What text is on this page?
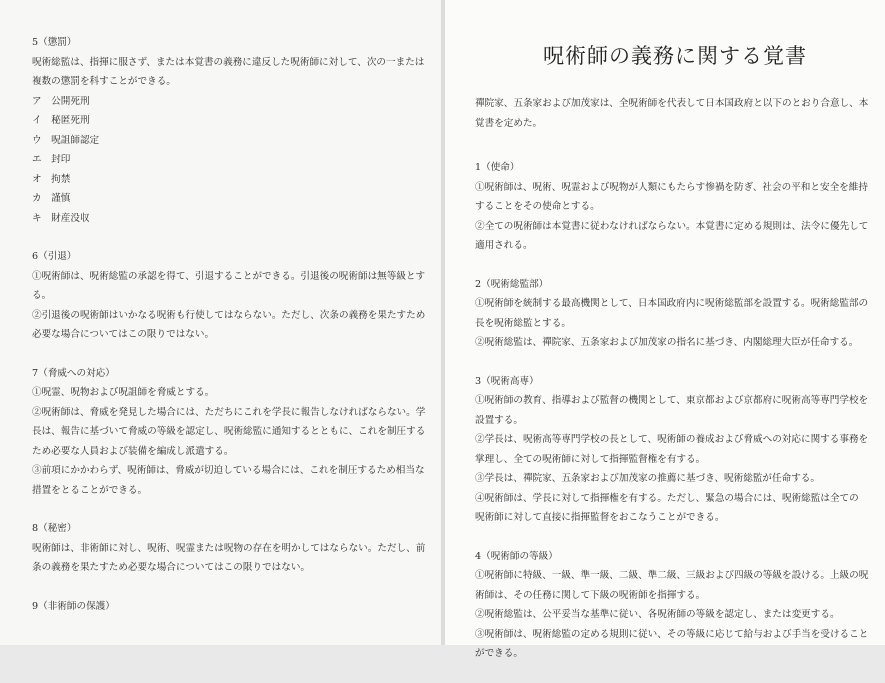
5（懲罰）
呪術総監は、指揮に服さず、または本覚書の義務に違反した呪術師に対して、次の一または
複数の懲罰を科すことができる。
ア　公開死刑
イ　秘匿死刑
ウ　呪詛師認定
エ　封印
オ　拘禁
カ　謹慎
キ　財産没収
6（引退）
①呪術師は、呪術総監の承認を得て、引退することができる。引退後の呪術師は無等級とす
る。
②引退後の呪術師はいかなる呪術も行使してはならない。ただし、次条の義務を果たすため
必要な場合についてはこの限りではない。
7（脅威への対応）
①呪霊、呪物および呪詛師を脅威とする。
②呪術師は、脅威を発見した場合には、ただちにこれを学長に報告しなければならない。学
長は、報告に基づいて脅威の等級を認定し、呪術総監に通知するとともに、これを制圧する
ため必要な人員および装備を編成し派遣する。
③前項にかかわらず、呪術師は、脅威が切迫している場合には、これを制圧するため相当な
措置をとることができる。
8（秘密）
呪術師は、非術師に対し、呪術、呪霊または呪物の存在を明かしてはならない。ただし、前
条の義務を果たすため必要な場合についてはこの限りではない。
9（非術師の保護）
呪術師の義務に関する覚書
禪院家、五条家および加茂家は、全呪術師を代表して日本国政府と以下のとおり合意し、本
覚書を定めた。
1（使命）
①呪術師は、呪術、呪霊および呪物が人類にもたらす惨禍を防ぎ、社会の平和と安全を維持
することをその使命とする。
②全ての呪術師は本覚書に従わなければならない。本覚書に定める規則は、法令に優先して
適用される。
2（呪術総監部）
①呪術師を統制する最高機関として、日本国政府内に呪術総監部を設置する。呪術総監部の
長を呪術総監とする。
②呪術総監は、禪院家、五条家および加茂家の指名に基づき、内閣総理大臣が任命する。
3（呪術高専）
①呪術師の教育、指導および監督の機関として、東京都および京都府に呪術高等専門学校を
設置する。
②学長は、呪術高等専門学校の長として、呪術師の養成および脅威への対応に関する事務を
掌理し、全ての呪術師に対して指揮監督権を有する。
③学長は、禪院家、五条家および加茂家の推薦に基づき、呪術総監が任命する。
④呪術師は、学長に対して指揮権を有する。ただし、緊急の場合には、呪術総監は全ての
呪術師に対して直接に指揮監督をおこなうことができる。
4（呪術師の等級）
①呪術師に特級、一級、準一級、二級、準二級、三級および四級の等級を設ける。上級の呪
術師は、その任務に関して下級の呪術師を指揮する。
②呪術総監は、公平妥当な基準に従い、各呪術師の等級を認定し、または変更する。
③呪術師は、呪術総監の定める規則に従い、その等級に応じて給与および手当を受けること
ができる。
